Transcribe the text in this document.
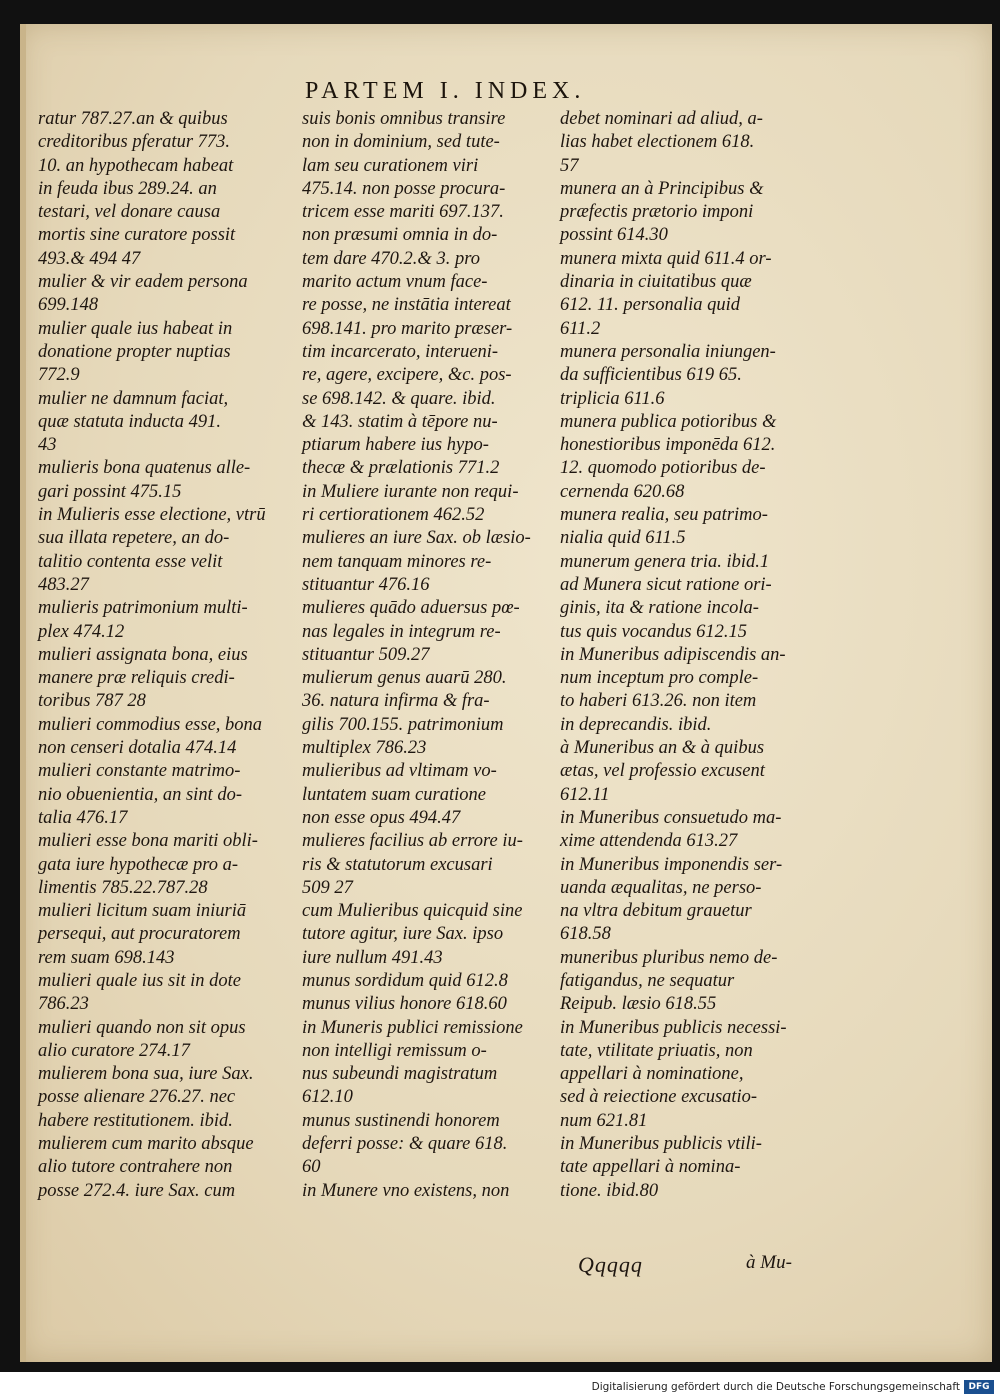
PARTEM I. INDEX.
ratur 787.27.an & quibus
creditoribus pferatur 773.
10. an hypothecam habeat
in feuda ibus 289.24. an
testari, vel donare causa
mortis sine curatore possit
493.& 494 47
mulier & vir eadem persona
699.148
mulier quale ius habeat in
donatione propter nuptias
772.9
mulier ne damnum faciat,
quæ statuta inducta 491.
43
mulieris bona quatenus alle-
gari possint 475.15
in Mulieris esse electione, vtrū
sua illata repetere, an do-
talitio contenta esse velit
483.27
mulieris patrimonium multi-
plex 474.12
mulieri assignata bona, eius
manere præ reliquis credi-
toribus 787 28
mulieri commodius esse, bona
non censeri dotalia 474.14
mulieri constante matrimo-
nio obuenientia, an sint do-
talia 476.17
mulieri esse bona mariti obli-
gata iure hypothecæ pro a-
limentis 785.22.787.28
mulieri licitum suam iniuriā
persequi, aut procuratorem
rem suam 698.143
mulieri quale ius sit in dote
786.23
mulieri quando non sit opus
alio curatore 274.17
mulierem bona sua, iure Sax.
posse alienare 276.27. nec
habere restitutionem. ibid.
mulierem cum marito absque
alio tutore contrahere non
posse 272.4. iure Sax. cum
suis bonis omnibus transire
non in dominium, sed tute-
lam seu curationem viri
475.14. non posse procura-
tricem esse mariti 697.137.
non præsumi omnia in do-
tem dare 470.2.& 3. pro
marito actum vnum face-
re posse, ne instātia intereat
698.141. pro marito præser-
tim incarcerato, interueni-
re, agere, excipere, &c. pos-
se 698.142. & quare. ibid.
& 143. statim à tēpore nu-
ptiarum habere ius hypo-
thecæ & prælationis 771.2
in Muliere iurante non requi-
ri certiorationem 462.52
mulieres an iure Sax. ob læsio-
nem tanquam minores re-
stituantur 476.16
mulieres quādo aduersus pœ-
nas legales in integrum re-
stituantur 509.27
mulierum genus auarū 280.
36. natura infirma & fra-
gilis 700.155. patrimonium
multiplex 786.23
mulieribus ad vltimam vo-
luntatem suam curatione
non esse opus 494.47
mulieres facilius ab errore iu-
ris & statutorum excusari
509 27
cum Mulieribus quicquid sine
tutore agitur, iure Sax. ipso
iure nullum 491.43
munus sordidum quid 612.8
munus vilius honore 618.60
in Muneris publici remissione
non intelligi remissum o-
nus subeundi magistratum
612.10
munus sustinendi honorem
deferri posse: & quare 618.
60
in Munere vno existens, non
debet nominari ad aliud, a-
lias habet electionem 618.
57
munera an à Principibus &
præfectis prætorio imponi
possint 614.30
munera mixta quid 611.4 or-
dinaria in ciuitatibus quæ
612. 11. personalia quid
611.2
munera personalia iniungen-
da sufficientibus 619 65.
triplicia 611.6
munera publica potioribus &
honestioribus imponēda 612.
12. quomodo potioribus de-
cernenda 620.68
munera realia, seu patrimo-
nialia quid 611.5
munerum genera tria. ibid.1
ad Munera sicut ratione ori-
ginis, ita & ratione incola-
tus quis vocandus 612.15
in Muneribus adipiscendis an-
num inceptum pro comple-
to haberi 613.26. non item
in deprecandis. ibid.
à Muneribus an & à quibus
ætas, vel professio excusent
612.11
in Muneribus consuetudo ma-
xime attendenda 613.27
in Muneribus imponendis ser-
uanda æqualitas, ne perso-
na vltra debitum grauetur
618.58
muneribus pluribus nemo de-
fatigandus, ne sequatur
Reipub. læsio 618.55
in Muneribus publicis necessi-
tate, vtilitate priuatis, non
appellari à nominatione,
sed à reiectione excusatio-
num 621.81
in Muneribus publicis vtili-
tate appellari à nomina-
tione. ibid.80
Qqqqq	à Mu-
Digitalisierung gefördert durch die Deutsche Forschungsgemeinschaft DFG
